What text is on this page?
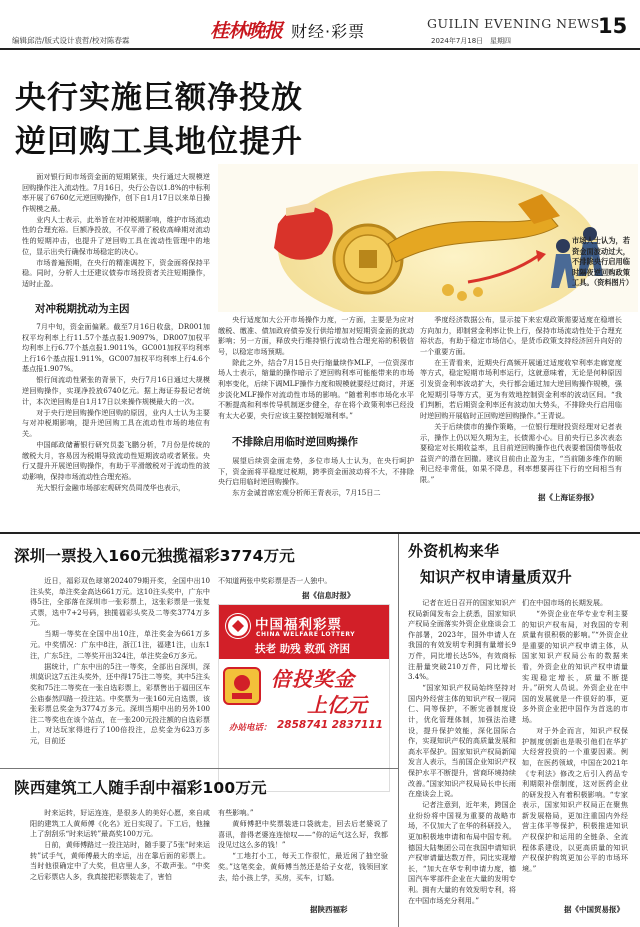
编辑邱浩/版式设计袁哲/校对陈春霖	桂林晚报 财经·彩票	GUILIN EVENING NEWS
2024年7月18日 星期四
15
央行实施巨额净投放
逆回购工具地位提升
市场人士认为，若资金面波动过大，不排除央行启用临时隔夜逆回购政策工具。（资料图片）

面对银行间市场资金面的短期紧张，央行通过大规模逆回购操作注入流动性。7月16日，央行公告以1.8%的中标利率开展了6760亿元逆回购操作，创下自1月17日以来单日操作规模之最。

业内人士表示，此举旨在对冲税期影响，维护市场流动性的合理充裕。巨额净投放，不仅平滑了税收高峰期对流动性的短期冲击，也提升了逆回购工具在流动性管理中的地位，显示出央行确保市场稳定的决心。

市场普遍预期，在央行的精准调控下，资金面将保持平稳。同时，分析人士还建议债券市场投资者关注短期操作，适时止盈。

对冲税期扰动为主因

7月中旬，资金面偏紧。截至7月16日收盘，DR001加权平均利率上行11.57个基点报1.9097%，DR007加权平均利率上行6.77个基点报1.9011%，GC001加权平均利率上行16个基点报1.911%，GC007加权平均利率上行4.6个基点报1.907%。

银行间流动性紧张的背景下，央行7月16日通过大规模逆回购操作，实现净投放6740亿元。据上海证券报记者统计，本次逆回购是自1月17日以来操作规模最大的一次。

对于央行逆回购操作逆回购的原因，业内人士认为主要与对冲税期影响，提升逆回购工具在流动性市场的地位有关。

中国邮政储蓄银行研究员娄飞鹏分析，7月份是传统的缴税大月，容易因为税期导致流动性短期波动或者紧张。央行又提升开展逆回购操作，有助于平滑缴税对于流动性的波动影响，保持市场流动性合理充裕。

光大银行金融市场部宏观研究员周茂华也表示，

央行适度加大公开市场操作力度，一方面，主要是为应对缴税、缴准、债加政府债券发行供给增加对短期资金面的扰动影响；另一方面，释放央行维持银行流动性合理充裕的积极信号，以稳定市场预期。

除此之外，结合7月15日央行缩量续作MLF，一位资深市场人士表示，缩量的操作暗示了逆回购利率可能能带来的市场利率变化，后续下调MLF操作力度和规模就要经过商讨，并逐步淡化MLF操作对流动性市场的影响。“随着利率市场化水平不断提高和利率传导机制逐步健全，存在将个政策利率已经没有太大必要，央行应该主要控制短端利率。”

不排除启用临时逆回购操作

展望后续资金面走势，多位市场人士认为，在央行呵护下，资金面将平稳度过税期，跨季资金面波动将不大，不排除央行启用临时逆回购操作。

东方金诚首席宏观分析师王青表示，7月15日二

季度经济数据公布，显示接下来宏观政策需要适度在稳增长方向加力，即制营金利率让快上行，保持市场流动性处于合理充裕状态，有助于稳定市场信心，是货币政策支持经济回升向好的一个重要方面。

在王青看来，近期央行高频开展通过适度收窄利率走廊宽度等方式，稳定短期市场利率运行，这就意味着，无论是何种原因引发资金利率波动扩大，央行都会通过加大逆回购操作规模，强化短期引导等方式，更为有效地控制资金利率的波动区间。“我们判断，若后期资金利率还有波动加大势头，不排除央行启用临时逆回购开展临时正回购逆回购操作。”王青说。

关于后续债市的操作策略，一位银行理财投资经理对记者表示，操作上仍以短久期为主，长债需小心。目前央行已多次表态要稳定对长期收益率，且目前逆回购操作也代表要着国债等低收益资产的潜在回撤。建议目前由止盈为主，“当前随多维作的顺利已经非常低，如果不降息，利率想要再往下行的空间相当有限。”

据《上海证券报》
深圳一票投入160元独揽福彩3774万元

近日，福彩双色球第2024079期开奖，全国中出10注头奖，单注奖金高达661万元。这10注头奖中，广东中得5注，全部落在深圳市一张彩票上，这张彩票是一张复式票，选中7+2号码，独揽福彩头奖及二等奖3774万多元。

当期一等奖在全国中出10注，单注奖金为661万多元。中奖情况：广东中8注，浙江1注，福建1注，山东1注，广东5注，二等奖开出324注，单注奖金6万多元。

据统计，广东中出的5注一等奖，全部出自深圳，深圳莫识这7五注头奖外，还中得175注二等奖，其中5注头奖和75注二等奖在一张自选彩票上，彩票售出于福田区车公庙泰然四路一投注站。中奖票为一张160元自选票，该张彩票总奖金为3774万多元。深圳当期中出的另外100注二等奖也在该个站点，在一张200元投注额的自选彩票上，对达玩家得进行了100倍投注，总奖金为623万多元，目前还

不知道两张中奖彩票是否一人独中。

据《信息时报》
中国福利彩票
CHINA WELFARE LOTTERY
扶老 助残 救孤 济困
倍投奖金
上亿元
办站电话： 2858741 2837111
陕西建筑工人随手刮中福彩100万元

时来运转，好运连连，是很多人的美好心愿，来自咸阳的建筑工人黄师傅《化名》近日实现了。下工后，他撞上了刮刮乐“时来运转”最高奖100万元。

日前，黄师傅路过一投注站时，随手要了5张“时来运转”试手气，黄师傅最大的幸运，出在靠后面的彩票上。当时他很确定中了大奖，但店里人多，不敢声张。“中奖之后彩票店人多，我真接把彩票装走了，害怕

有些影响。”

黄师傅把中奖票装进口袋就走，回去后老婆说了喜讯，普得老婆连连惊叹——“你的运气这么好，我都没见过这么多的钱！”

“工地打小工，每天工作很忙，最近闲了抽空验奖。”这笔奖金，黄师傅当然还是给子女花，钱领回家去，给小孩上学，买房，买车，订婚。

据陕西福彩
外资机构来华
知识产权申请量质双升

记者在近日召开的国家知识产权局新闻发布会上获悉，国家知识产权局全面落实外资企业座谈会工作部署，2023年，国外申请人在我国的有效发明专利拥有量增长9万件，同比增长达5%，有效商标注册量突破210万件，同比增长3.4%。

“国家知识产权局始终坚持对国内外经营主体的知识产权一视同仁、同等保护，不断完善制度设计，优化管理体制，加强法治建设，提升保护效能，深化国际合作，实现知识产权的高质量发展和高水平保护。国家知识产权局新闻发言人表示，当前国企业知识产权保护水平不断提升，营商环境持续改善。”国家知识产权局局长申长雨在座谈会上说。

记者注意到，近年来，跨国企业纷纷将中国视为重要的战略市场，不仅加大了在华的科研投入，更加积极地申请和布局中国专利。德国大陆集团公司在我国申请知识产权审请量达数万件，同比实现增长，“加大在华专利申请力度，德国汽车零部件企业在大量的发明专利。拥有大量的有效发明专利，将在中国市场充分利用。”

们在中国市场的长期发展。

“外资企业在华专业专利主要的知识产权布局，对我国的专利质量有很积极的影响。”“外资企业是重要的知识产权申请主体，从国家知识产权局公布的数据来看，外资企业的知识产权申请量实现稳定增长，质量不断提升。”研究人员说。外资企业在中国的发展就是一件很好的事，更多外资企业把中国作为首选的市场。

对于外企而言，知识产权保护制度创新也是吸引他们在华扩大经营投资的一个重要因素。例如，在医药领域，中国在2021年《专利法》修改之后引入药品专利期限补偿制度，这对医药企业的研发投入有着积极影响。“专家表示，国家知识产权局正在聚焦新发展格局，更加注重国内外经营主体平等保护，积极推进知识产权保护和运用的全链条、全流程体系建设，以更高质量的知识产权保护构筑更加公平的市场环境。”

据《中国贸易报》
